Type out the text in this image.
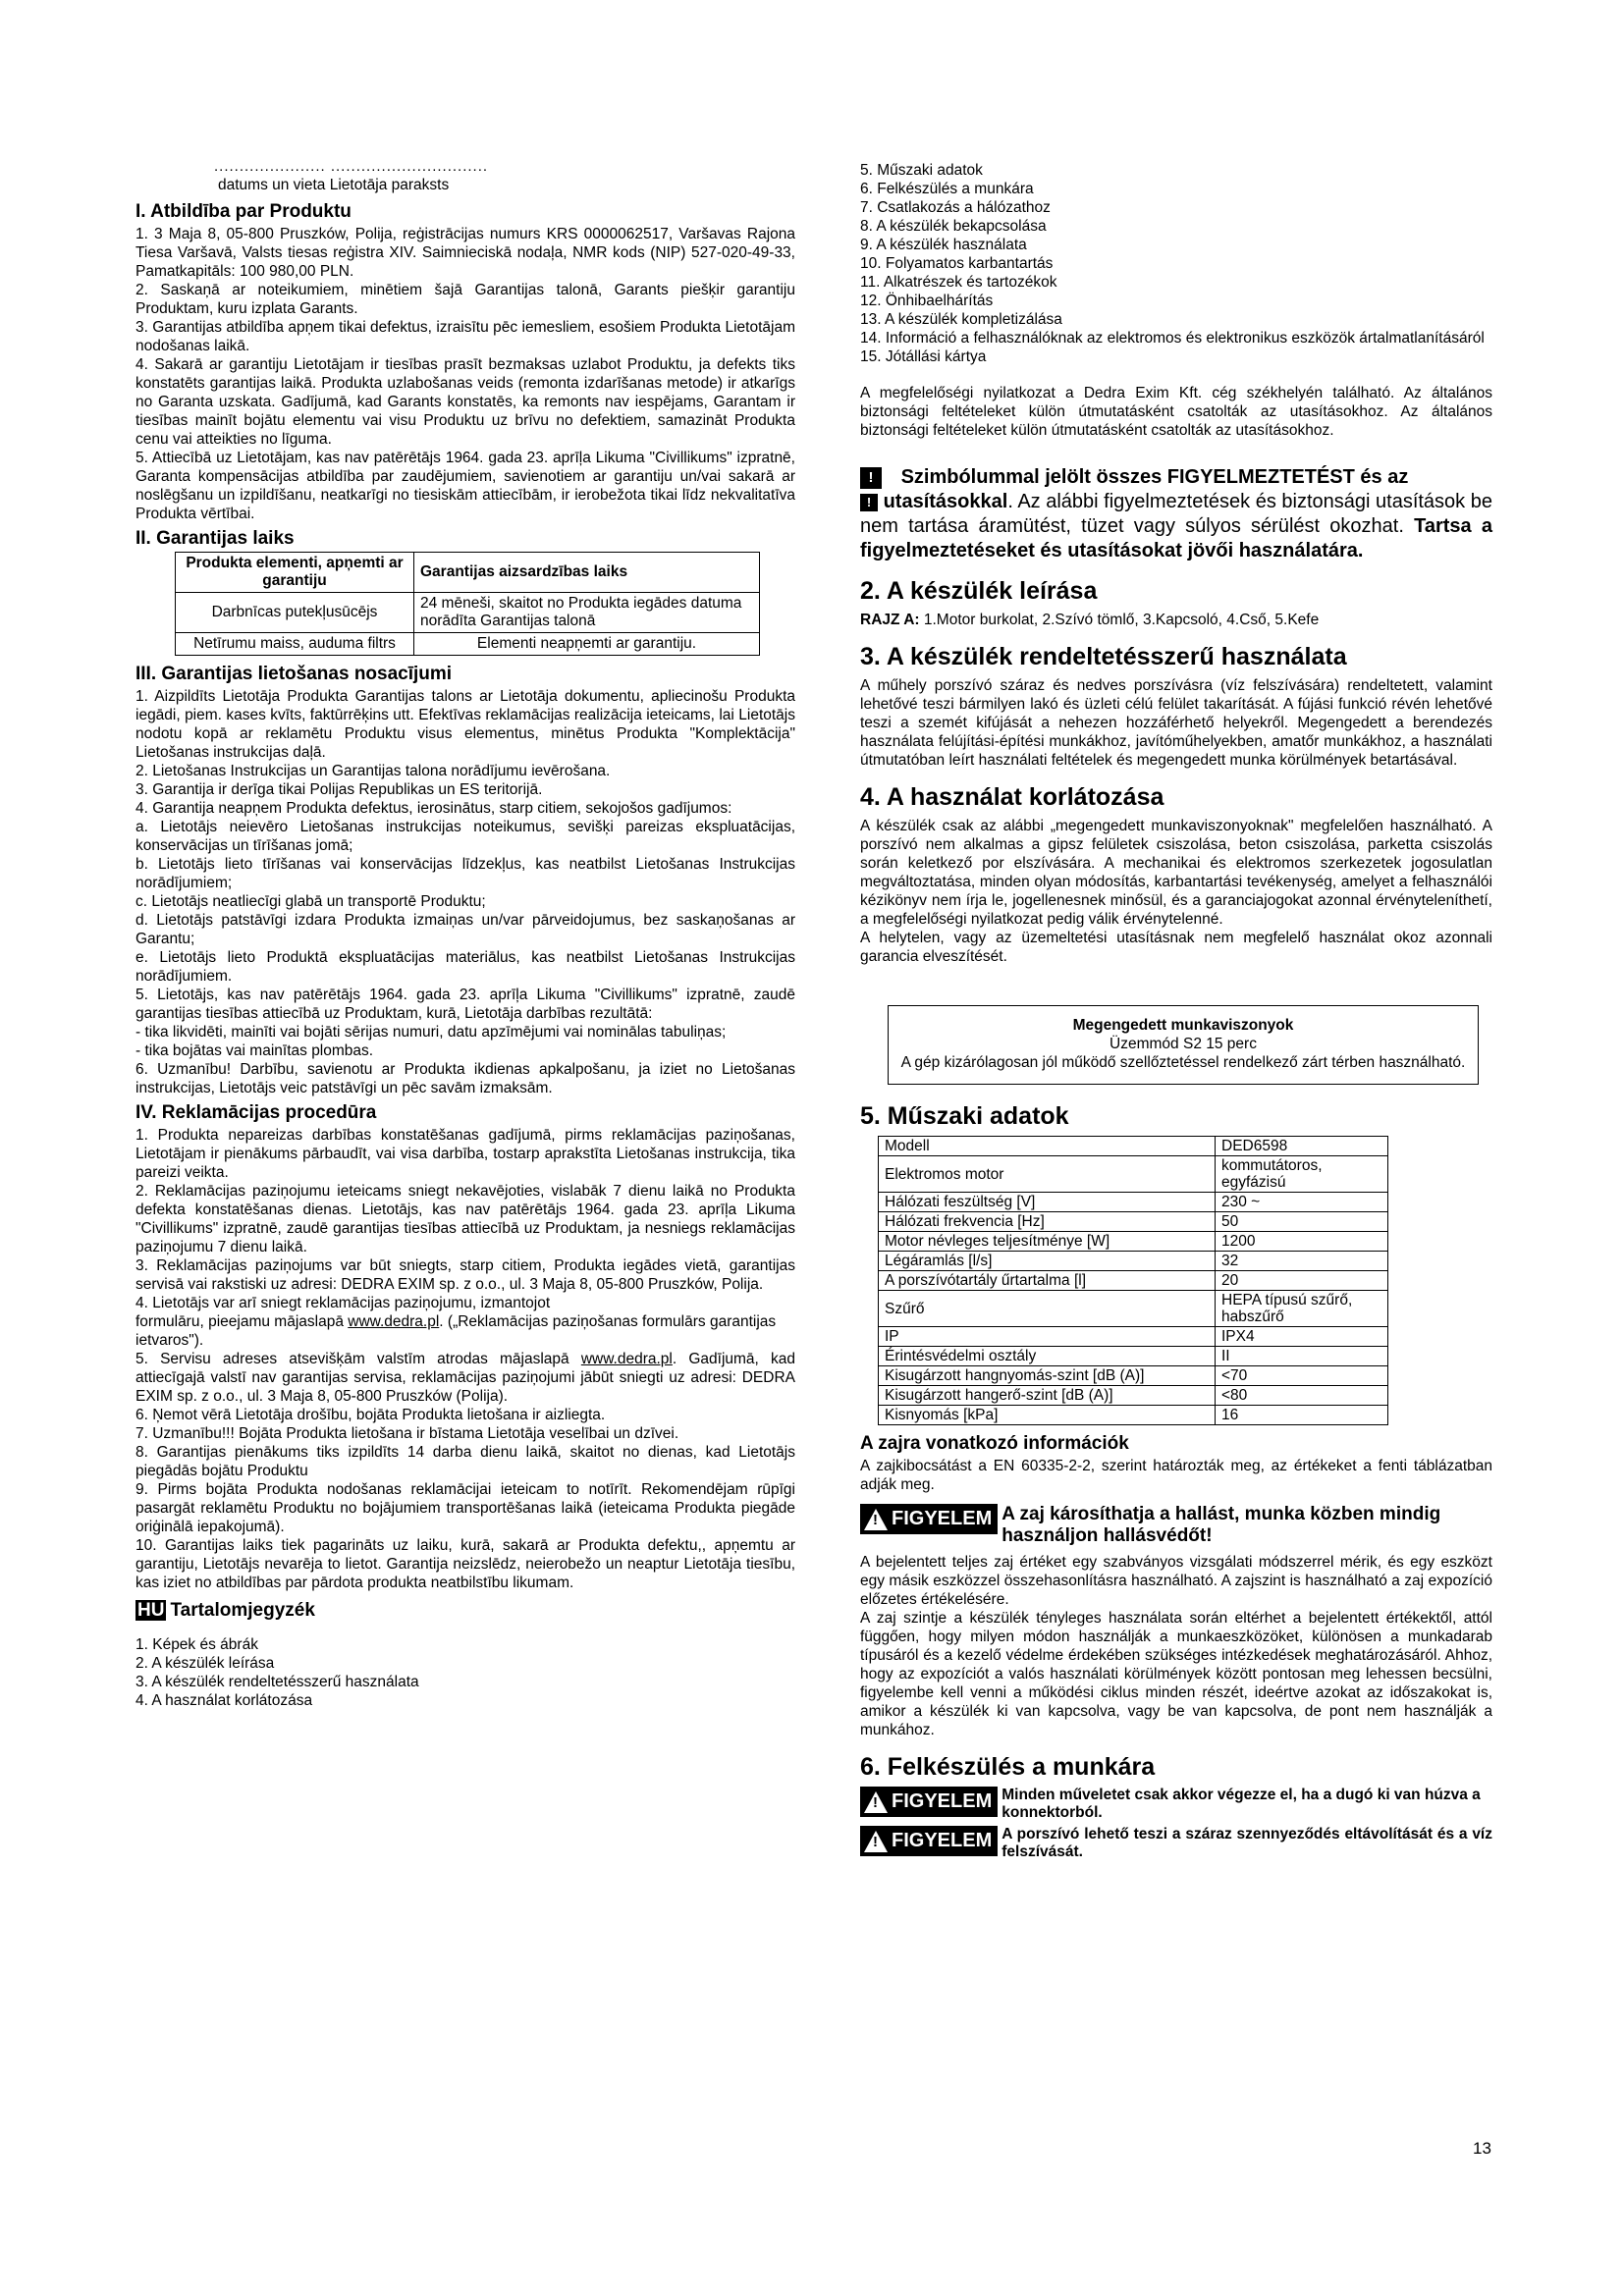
...................... ...............................
datums un vieta Lietotāja paraksts
I. Atbildība par Produktu

1. 3 Maja 8, 05-800 Pruszków, Polija, reģistrācijas numurs KRS 0000062517, Varšavas Rajona Tiesa Varšavā, Valsts tiesas reģistra XIV. Saimnieciskā nodaļa, NMR kods (NIP) 527-020-49-33, Pamatkapitāls: 100 980,00 PLN.

2. Saskaņā ar noteikumiem, minētiem šajā Garantijas talonā, Garants piešķir garantiju Produktam, kuru izplata Garants.

3. Garantijas atbildība apņem tikai defektus, izraisītu pēc iemesliem, esošiem Produkta Lietotājam nodošanas laikā.

4. Sakarā ar garantiju Lietotājam ir tiesības prasīt bezmaksas uzlabot Produktu, ja defekts tiks konstatēts garantijas laikā. Produkta uzlabošanas veids (remonta izdarīšanas metode) ir atkarīgs no Garanta uzskata. Gadījumā, kad Garants konstatēs, ka remonts nav iespējams, Garantam ir tiesības mainīt bojātu elementu vai visu Produktu uz brīvu no defektiem, samazināt Produkta cenu vai atteikties no līguma.

5. Attiecībā uz Lietotājam, kas nav patērētājs 1964. gada 23. aprīļa Likuma "Civillikums" izpratnē, Garanta kompensācijas atbildība par zaudējumiem, savienotiem ar garantiju un/vai sakarā ar noslēgšanu un izpildīšanu, neatkarīgi no tiesiskām attiecībām, ir ierobežota tikai līdz nekvalitatīva Produkta vērtībai.

II. Garantijas laiks
Produkta elementi, apņemti ar garantiju	Garantijas aizsardzības laiks
Darbnīcas putekļusūcējs	24 mēneši, skaitot no Produkta iegādes datuma norādīta Garantijas talonā
Netīrumu maiss, auduma filtrs	Elementi neapņemti ar garantiju.
III. Garantijas lietošanas nosacījumi

1. Aizpildīts Lietotāja Produkta Garantijas talons ar Lietotāja dokumentu, apliecinošu Produkta iegādi, piem. kases kvīts, faktūrrēķins utt. Efektīvas reklamācijas realizācija ieteicams, lai Lietotājs nodotu kopā ar reklamētu Produktu visus elementus, minētus Produkta "Komplektācija" Lietošanas instrukcijas daļā.

2. Lietošanas Instrukcijas un Garantijas talona norādījumu ievērošana.

3. Garantija ir derīga tikai Polijas Republikas un ES teritorijā.

4. Garantija neapņem Produkta defektus, ierosinātus, starp citiem, sekojošos gadījumos:

a. Lietotājs neievēro Lietošanas instrukcijas noteikumus, sevišķi pareizas ekspluatācijas, konservācijas un tīrīšanas jomā;

b. Lietotājs lieto tīrīšanas vai konservācijas līdzekļus, kas neatbilst Lietošanas Instrukcijas norādījumiem;

c. Lietotājs neatliecīgi glabā un transportē Produktu;

d. Lietotājs patstāvīgi izdara Produkta izmaiņas un/var pārveidojumus, bez saskaņošanas ar Garantu;

e. Lietotājs lieto Produktā ekspluatācijas materiālus, kas neatbilst Lietošanas Instrukcijas norādījumiem.

5. Lietotājs, kas nav patērētājs 1964. gada 23. aprīļa Likuma "Civillikums" izpratnē, zaudē garantijas tiesības attiecībā uz Produktam, kurā, Lietotāja darbības rezultātā:

- tika likvidēti, mainīti vai bojāti sērijas numuri, datu apzīmējumi vai nominālas tabuliņas;

- tika bojātas vai mainītas plombas.

6. Uzmanību! Darbību, savienotu ar Produkta ikdienas apkalpošanu, ja iziet no Lietošanas instrukcijas, Lietotājs veic patstāvīgi un pēc savām izmaksām.

IV. Reklamācijas procedūra

1. Produkta nepareizas darbības konstatēšanas gadījumā, pirms reklamācijas paziņošanas, Lietotājam ir pienākums pārbaudīt, vai visa darbība, tostarp aprakstīta Lietošanas instrukcija, tika pareizi veikta.

2. Reklamācijas paziņojumu ieteicams sniegt nekavējoties, vislabāk 7 dienu laikā no Produkta defekta konstatēšanas dienas. Lietotājs, kas nav patērētājs 1964. gada 23. aprīļa Likuma "Civillikums" izpratnē, zaudē garantijas tiesības attiecībā uz Produktam, ja nesniegs reklamācijas paziņojumu 7 dienu laikā.

3. Reklamācijas paziņojums var būt sniegts, starp citiem, Produkta iegādes vietā, garantijas servisā vai rakstiski uz adresi: DEDRA EXIM sp. z o.o., ul. 3 Maja 8, 05-800 Pruszków, Polija.

4. Lietotājs var arī sniegt reklamācijas paziņojumu, izmantojot

formulāru, pieejamu mājaslapā www.dedra.pl. („Reklamācijas paziņošanas formulārs garantijas ietvaros").

5. Servisu adreses atsevišķām valstīm atrodas mājaslapā www.dedra.pl. Gadījumā, kad attiecīgajā valstī nav garantijas servisa, reklamācijas paziņojumi jābūt sniegti uz adresi: DEDRA EXIM sp. z o.o., ul. 3 Maja 8, 05-800 Pruszków (Polija).

6. Ņemot vērā Lietotāja drošību, bojāta Produkta lietošana ir aizliegta.

7. Uzmanību!!! Bojāta Produkta lietošana ir bīstama Lietotāja veselībai un dzīvei.

8. Garantijas pienākums tiks izpildīts 14 darba dienu laikā, skaitot no dienas, kad Lietotājs piegādās bojātu Produktu

9. Pirms bojāta Produkta nodošanas reklamācijai ieteicam to notīrīt. Rekomendējam rūpīgi pasargāt reklamētu Produktu no bojājumiem transportēšanas laikā (ieteicama Produkta piegāde oriģinālā iepakojumā).

10. Garantijas laiks tiek pagarināts uz laiku, kurā, sakarā ar Produkta defektu,, apņemtu ar garantiju, Lietotājs nevarēja to lietot. Garantija neizslēdz, neierobežo un neaptur Lietotāja tiesību, kas iziet no atbildības par pārdota produkta neatbilstību likumam.

HU Tartalomjegyzék

1. Képek és ábrák

2. A készülék leírása

3. A készülék rendeltetésszerű használata

4. A használat korlátozása

5. Műszaki adatok

6. Felkészülés a munkára

7. Csatlakozás a hálózathoz

8. A készülék bekapcsolása

9. A készülék használata

10. Folyamatos karbantartás

11. Alkatrészek és tartozékok

12. Önhibaelhárítás

13. A készülék kompletizálása

14. Információ a felhasználóknak az elektromos és elektronikus eszközök ártalmatlanításáról

15. Jótállási kártya

A megfelelőségi nyilatkozat a Dedra Exim Kft. cég székhelyén található. Az általános biztonsági feltételeket külön útmutatásként csatolták az utasításokhoz. Az általános biztonsági feltételeket külön útmutatásként csatolták az utasításokhoz.

! Szimbólummal jelölt összes FIGYELMEZTETÉST és az
! utasításokkal. Az alábbi figyelmeztetések és biztonsági utasítások be nem tartása áramütést, tüzet vagy súlyos sérülést okozhat. Tartsa a figyelmeztetéseket és utasításokat jövői használatára.
2. A készülék leírása

RAJZ A: 1.Motor burkolat, 2.Szívó tömlő, 3.Kapcsoló, 4.Cső, 5.Kefe

3. A készülék rendeltetésszerű használata

A műhely porszívó száraz és nedves porszívásra (víz felszívására) rendeltetett, valamint lehetővé teszi bármilyen lakó és üzleti célú felület takarítását. A fújási funkció révén lehetővé teszi a szemét kifújását a nehezen hozzáférhető helyekről. Megengedett a berendezés használata felújítási-építési munkákhoz, javítóműhelyekben, amatőr munkákhoz, a használati útmutatóban leírt használati feltételek és megengedett munka körülmények betartásával.

4. A használat korlátozása

A készülék csak az alábbi „megengedett munkaviszonyoknak" megfelelően használható. A porszívó nem alkalmas a gipsz felületek csiszolása, beton csiszolása, parketta csiszolás során keletkező por elszívására. A mechanikai és elektromos szerkezetek jogosulatlan megváltoztatása, minden olyan módosítás, karbantartási tevékenység, amelyet a felhasználói kézikönyv nem írja le, jogellenesnek minősül, és a garanciajogokat azonnal érvényteleníthetí, a megfelelőségi nyilatkozat pedig válik érvénytelenné.

A helytelen, vagy az üzemeltetési utasításnak nem megfelelő használat okoz azonnali garancia elveszítését.

Megengedett munkaviszonyok

Üzemmód S2 15 perc

A gép kizárólagosan jól működő szellőztetéssel rendelkező zárt térben használható.

5. Műszaki adatok
Modell	DED6598
Elektromos motor	kommutátoros, egyfázisú
Hálózati feszültség [V]	230 ~
Hálózati frekvencia [Hz]	50
Motor névleges teljesítménye [W]	1200
Légáramlás [l/s]	32
A porszívótartály űrtartalma [l]	20
Szűrő	HEPA típusú szűrő, habszűrő
IP	IPX4
Érintésvédelmi osztály	II
Kisugárzott hangnyomás-szint [dB (A)]	<70
Kisugárzott hangerő-szint [dB (A)]	<80
Kisnyomás [kPa]	16
A zajra vonatkozó információk

A zajkibocsátást a EN 60335-2-2, szerint határozták meg, az értékeket a fenti táblázatban adják meg.

! FIGYELEM A zaj károsíthatja a hallást, munka közben mindig használjon hallásvédőt!

A bejelentett teljes zaj értéket egy szabványos vizsgálati módszerrel mérik, és egy eszközt egy másik eszközzel összehasonlításra használható. A zajszint is használható a zaj expozíció előzetes értékelésére.

A zaj szintje a készülék tényleges használata során eltérhet a bejelentett értékektől, attól függően, hogy milyen módon használják a munkaeszközöket, különösen a munkadarab típusáról és a kezelő védelme érdekében szükséges intézkedések meghatározásáról. Ahhoz, hogy az expozíciót a valós használati körülmények között pontosan meg lehessen becsülni, figyelembe kell venni a működési ciklus minden részét, ideértve azokat az időszakokat is, amikor a készülék ki van kapcsolva, vagy be van kapcsolva, de pont nem használják a munkához.

6. Felkészülés a munkára
! FIGYELEM Minden műveletet csak akkor végezze el, ha a dugó ki van húzva a konnektorból.
! FIGYELEM A porszívó lehető teszi a száraz szennyeződés eltávolítását és a víz felszívását.
13
